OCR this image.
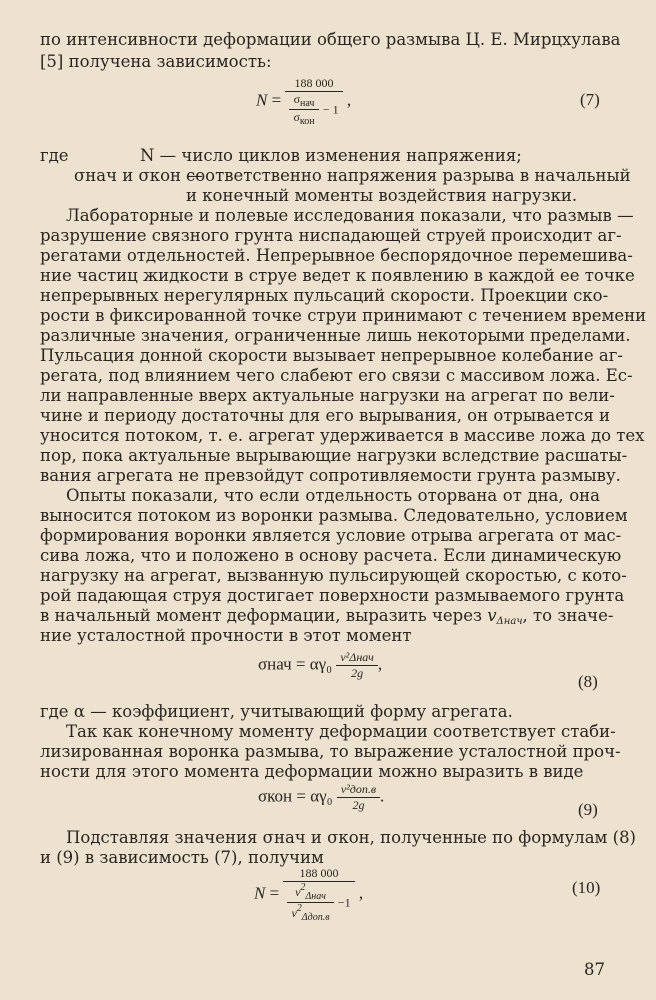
по интенсивности деформации общего размыва Ц. Е. Мирцхулава
[5] получена зависимость:
$N = \frac{188 000}{\frac{\sigma_{нач}}{\sigma_{кон}} - 1}$ ,	(7)
где	N — число циклов изменения напряжения;
σнач и σкон —
соответственно напряжения разрыва в начальный
и конечный моменты воздействия нагрузки.
Лабораторные и полевые исследования показали, что размыв —
разрушение связного грунта ниспадающей струей происходит аг-
регатами отдельностей. Непрерывное беспорядочное перемешива-
ние частиц жидкости в струе ведет к появлению в каждой ее точке
непрерывных нерегулярных пульсаций скорости. Проекции ско-
рости в фиксированной точке струи принимают с течением времени
различные значения, ограниченные лишь некоторыми пределами.
Пульсация донной скорости вызывает непрерывное колебание аг-
регата, под влиянием чего слабеют его связи с массивом ложа. Ес-
ли направленные вверх актуальные нагрузки на агрегат по вели-
чине и периоду достаточны для его вырывания, он отрывается и
уносится потоком, т. е. агрегат удерживается в массиве ложа до тех
пор, пока актуальные вырывающие нагрузки вследствие расшаты-
вания агрегата не превзойдут сопротивляемости грунта размыву.
Опыты показали, что если отдельность оторвана от дна, она
выносится потоком из воронки размыва. Следовательно, условием
формирования воронки является условие отрыва агрегата от мас-
сива ложа, что и положено в основу расчета. Если динамическую
нагрузку на агрегат, вызванную пульсирующей скоростью, с кото-
рой падающая струя достигает поверхности размываемого грунта
в начальный момент деформации, выразить через $v_{\Delta нач}$, то значе-
ние усталостной прочности в этот момент
$\sigma нач = \alpha\gamma_0 \frac{\text{v²Δнач}}{2g}$ ,
(8)
где α — коэффициент, учитывающий форму агрегата.
Так как конечному моменту деформации соответствует стаби-
лизированная воронка размыва, то выражение усталостной проч-
ности для этого момента деформации можно выразить в виде
$\sigma кон = \alpha\gamma_0 \frac{\text{v²доп.в}}{2g}$ .
(9)
Подставляя значения σнач и σкон, полученные по формулам (8)
и (9) в зависимость (7), получим
$N = \frac{188 000}{\frac{v^2_{\Delta нач}}{v^2_{\Delta доп.в}} -1}$ ,	(10)
87
